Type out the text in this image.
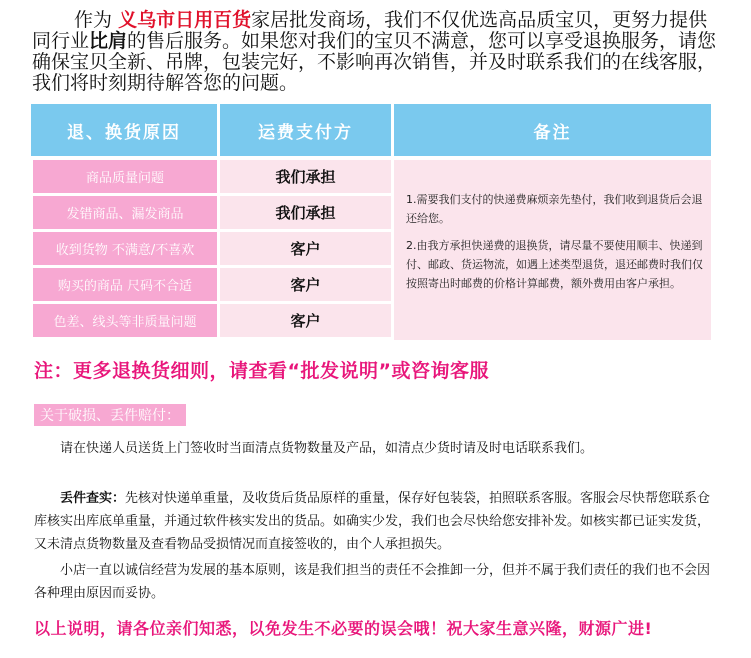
作为 义乌市日用百货家居批发商场，我们不仅优选高品质宝贝，更努力提供同行业比肩的售后服务。如果您对我们的宝贝不满意，您可以享受退换服务，请您确保宝贝全新、吊牌，包装完好，不影响再次销售，并及时联系我们的在线客服，我们将时刻期待解答您的问题。
退、换货原因	运费支付方	备注
商品质量问题	我们承担
发错商品、漏发商品	我们承担
收到货物 不满意/不喜欢	客户
购买的商品 尺码不合适	客户
色差、线头等非质量问题	客户
1.需要我们支付的快递费麻烦亲先垫付，我们收到退货后会退还给您。
2.由我方承担快递费的退换货，请尽量不要使用顺丰、快递到付、邮政、货运物流，如遇上述类型退货，退还邮费时我们仅按照寄出时邮费的价格计算邮费，额外费用由客户承担。
注：更多退换货细则，请查看“批发说明”或咨询客服
关于破损、丢件赔付：
请在快递人员送货上门签收时当面清点货物数量及产品，如清点少货时请及时电话联系我们。
丢件查实：先核对快递单重量，及收货后货品原样的重量，保存好包装袋，拍照联系客服。客服会尽快帮您联系仓库核实出库底单重量，并通过软件核实发出的货品。如确实少发，我们也会尽快给您安排补发。如核实都已证实发货，又未清点货物数量及查看物品受损情况而直接签收的，由个人承担损失。
小店一直以诚信经营为发展的基本原则，该是我们担当的责任不会推卸一分，但并不属于我们责任的我们也不会因各种理由原因而妥协。
以上说明，请各位亲们知悉，以免发生不必要的误会哦！祝大家生意兴隆，财源广进!
